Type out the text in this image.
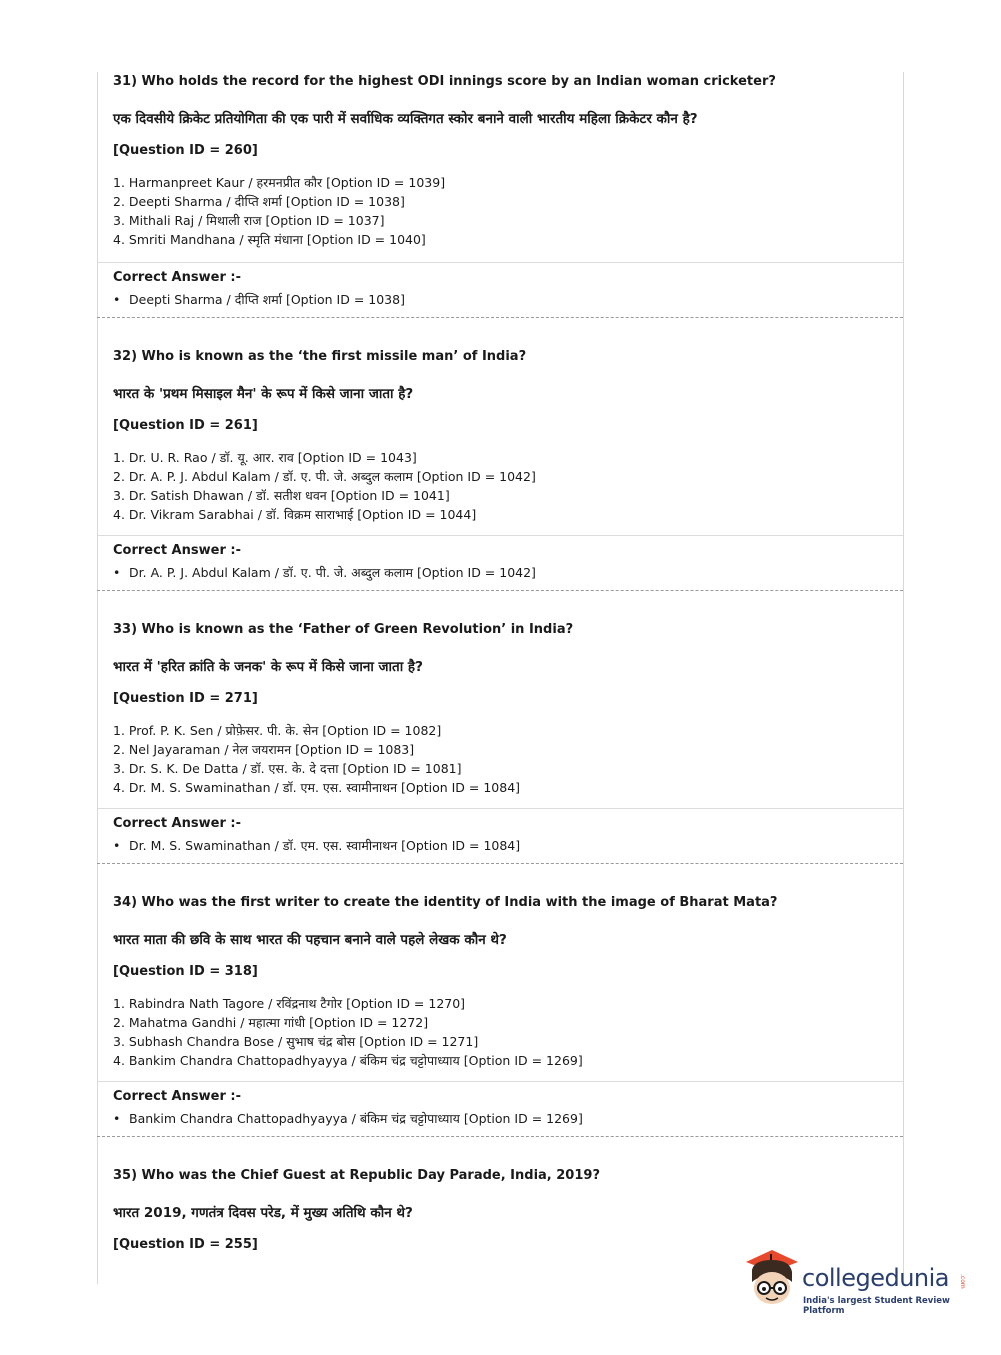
31) Who holds the record for the highest ODI innings score by an Indian woman cricketer?
एक दिवसीये क्रिकेट प्रतियोगिता की एक पारी में सर्वाधिक व्यक्तिगत स्कोर बनाने वाली भारतीय महिला क्रिकेटर कौन है?
[Question ID = 260]
1. Harmanpreet Kaur / हरमनप्रीत कौर [Option ID = 1039]
2. Deepti Sharma / दीप्ति शर्मा [Option ID = 1038]
3. Mithali Raj / मिथाली राज [Option ID = 1037]
4. Smriti Mandhana / स्मृति मंधाना [Option ID = 1040]
Correct Answer :-
• Deepti Sharma / दीप्ति शर्मा [Option ID = 1038]
32) Who is known as the ‘the first missile man’ of India?
भारत के 'प्रथम मिसाइल मैन' के रूप में किसे जाना जाता है?
[Question ID = 261]
1. Dr. U. R. Rao / डॉ. यू. आर. राव [Option ID = 1043]
2. Dr. A. P. J. Abdul Kalam / डॉ. ए. पी. जे. अब्दुल कलाम [Option ID = 1042]
3. Dr. Satish Dhawan / डॉ. सतीश धवन [Option ID = 1041]
4. Dr. Vikram Sarabhai / डॉ. विक्रम साराभाई [Option ID = 1044]
Correct Answer :-
• Dr. A. P. J. Abdul Kalam / डॉ. ए. पी. जे. अब्दुल कलाम [Option ID = 1042]
33) Who is known as the ‘Father of Green Revolution’ in India?
भारत में 'हरित क्रांति के जनक' के रूप में किसे जाना जाता है?
[Question ID = 271]
1. Prof. P. K. Sen / प्रोफ़ेसर. पी. के. सेन [Option ID = 1082]
2. Nel Jayaraman / नेल जयरामन [Option ID = 1083]
3. Dr. S. K. De Datta / डॉ. एस. के. दे दत्ता [Option ID = 1081]
4. Dr. M. S. Swaminathan / डॉ. एम. एस. स्वामीनाथन [Option ID = 1084]
Correct Answer :-
• Dr. M. S. Swaminathan / डॉ. एम. एस. स्वामीनाथन [Option ID = 1084]
34) Who was the first writer to create the identity of India with the image of Bharat Mata?
भारत माता की छवि के साथ भारत की पहचान बनाने वाले पहले लेखक कौन थे?
[Question ID = 318]
1. Rabindra Nath Tagore / रविंद्रनाथ टैगोर [Option ID = 1270]
2. Mahatma Gandhi / महात्मा गांधी [Option ID = 1272]
3. Subhash Chandra Bose / सुभाष चंद्र बोस [Option ID = 1271]
4. Bankim Chandra Chattopadhyayya / बंकिम चंद्र चट्टोपाध्याय [Option ID = 1269]
Correct Answer :-
• Bankim Chandra Chattopadhyayya / बंकिम चंद्र चट्टोपाध्याय [Option ID = 1269]
35) Who was the Chief Guest at Republic Day Parade, India, 2019?
भारत 2019, गणतंत्र दिवस परेड, में मुख्य अतिथि कौन थे?
[Question ID = 255]
collegedunia .com
India's largest Student Review Platform
